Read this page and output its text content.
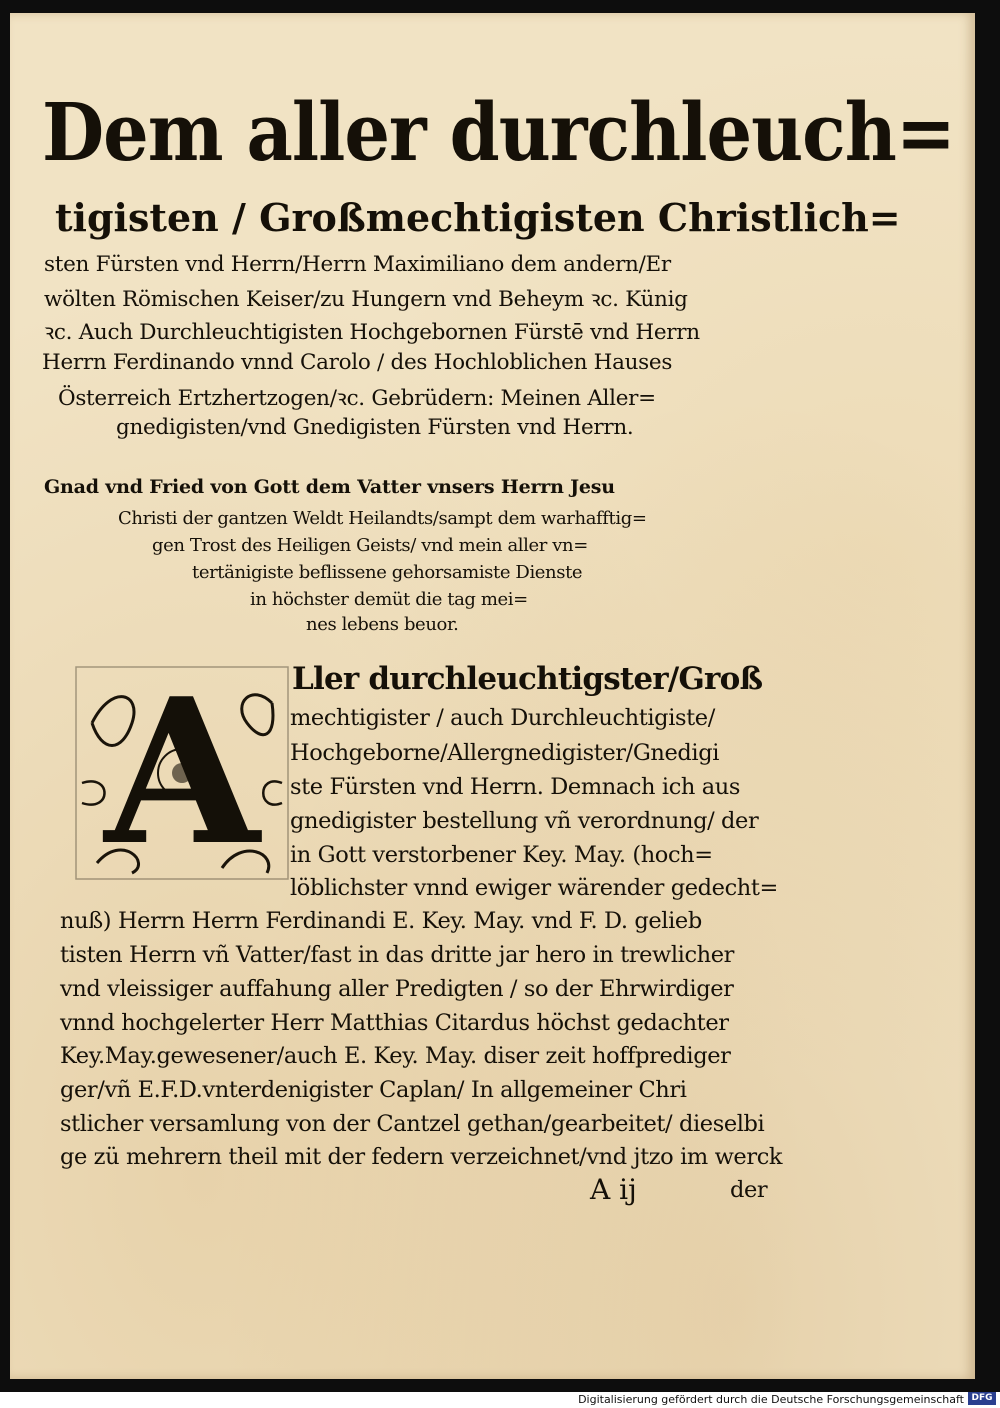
Dem aller durchleuch=
tigisten / Großmechtigisten Christlich=
sten Fürsten vnd Herrn/Herrn Maximiliano dem andern/Er
wölten Römischen Keiser/zu Hungern vnd Beheym ꝛc. Künig
ꝛc. Auch Durchleuchtigisten Hochgebornen Fürstē vnd Herrn
Herrn Ferdinando vnnd Carolo / des Hochloblichen Hauses
Österreich Ertzhertzogen/ꝛc. Gebrüdern: Meinen Aller=
gnedigisten/vnd Gnedigisten Fürsten vnd Herrn.
Gnad vnd Fried von Gott dem Vatter vnsers Herrn Jesu
Christi der gantzen Weldt Heilandts/sampt dem warhafftig=
gen Trost des Heiligen Geists/ vnd mein aller vn=
tertänigiste beflissene gehorsamiste Dienste
in höchster demüt die tag mei=
nes lebens beuor.
A	Ller durchleuchtigster/Groß
mechtigister / auch Durchleuchtigiste/
Hochgeborne/Allergnedigister/Gnedigi
ste Fürsten vnd Herrn. Demnach ich aus
gnedigister bestellung vñ verordnung/ der
in Gott verstorbener Key. May. (hoch=
löblichster vnnd ewiger wärender gedecht=
nuß) Herrn Herrn Ferdinandi E. Key. May. vnd F. D. gelieb
tisten Herrn vñ Vatter/fast in das dritte jar hero in trewlicher
vnd vleissiger auffahung aller Predigten / so der Ehrwirdiger
vnnd hochgelerter Herr Matthias Citardus höchst gedachter
Key.May.gewesener/auch E. Key. May. diser zeit hoffprediger
ger/vñ E.F.D.vnterdenigister Caplan/ In allgemeiner Chri
stlicher versamlung von der Cantzel gethan/gearbeitet/ dieselbi
ge zü mehrern theil mit der federn verzeichnet/vnd jtzo im werck
A ij	der
Digitalisierung gefördert durch die Deutsche Forschungsgemeinschaft DFG
